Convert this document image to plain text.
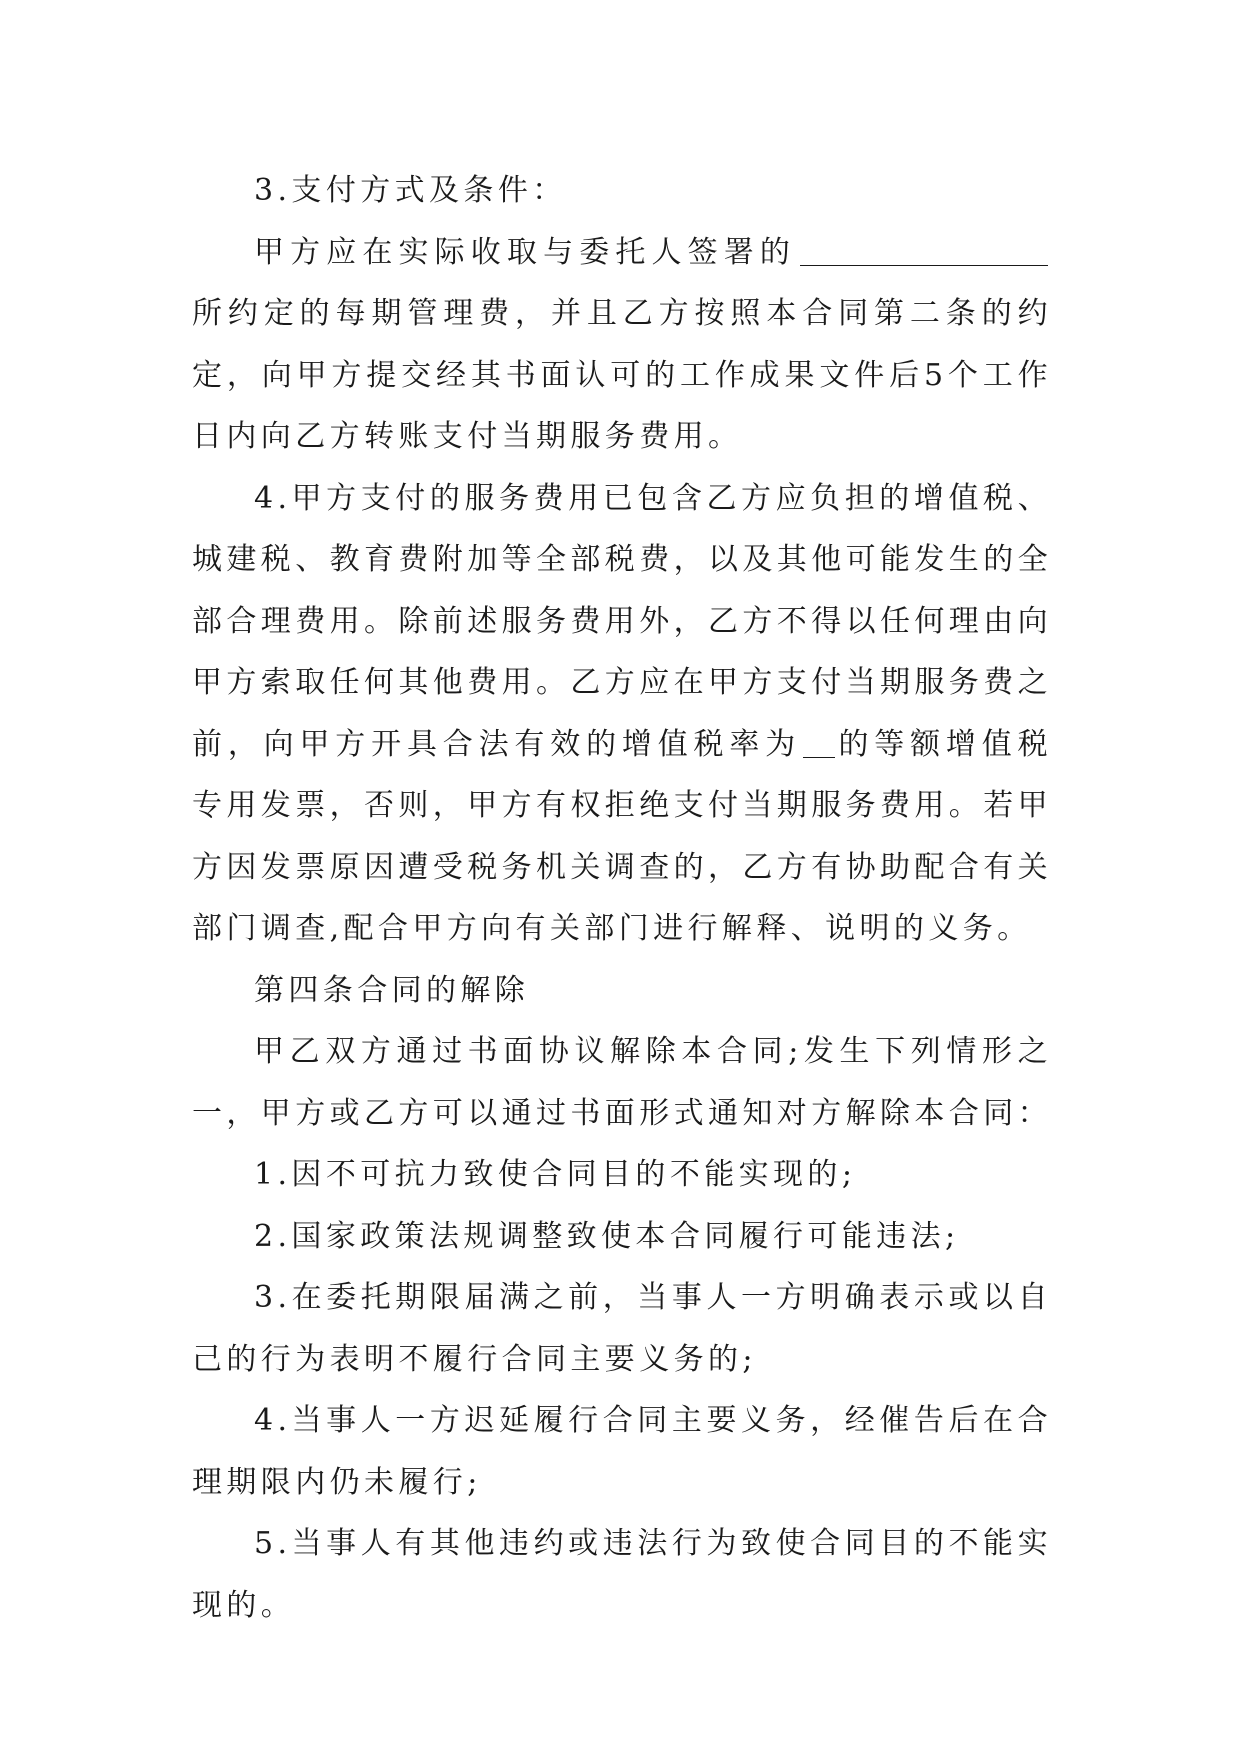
3.支付方式及条件：

甲方应在实际收取与委托人签署的所约定的每期管理费，并且乙方按照本合同第二条的约定，向甲方提交经其书面认可的工作成果文件后5个工作日内向乙方转账支付当期服务费用。

4.甲方支付的服务费用已包含乙方应负担的增值税、城建税、教育费附加等全部税费，以及其他可能发生的全部合理费用。除前述服务费用外，乙方不得以任何理由向甲方索取任何其他费用。乙方应在甲方支付当期服务费之前，向甲方开具合法有效的增值税率为 的等额增值税专用发票，否则，甲方有权拒绝支付当期服务费用。若甲方因发票原因遭受税务机关调查的，乙方有协助配合有关部门调查,配合甲方向有关部门进行解释、说明的义务。

第四条合同的解除

甲乙双方通过书面协议解除本合同;发生下列情形之一，甲方或乙方可以通过书面形式通知对方解除本合同：

1.因不可抗力致使合同目的不能实现的;

2.国家政策法规调整致使本合同履行可能违法;

3.在委托期限届满之前，当事人一方明确表示或以自己的行为表明不履行合同主要义务的;

4.当事人一方迟延履行合同主要义务，经催告后在合理期限内仍未履行;

5.当事人有其他违约或违法行为致使合同目的不能实现的。
